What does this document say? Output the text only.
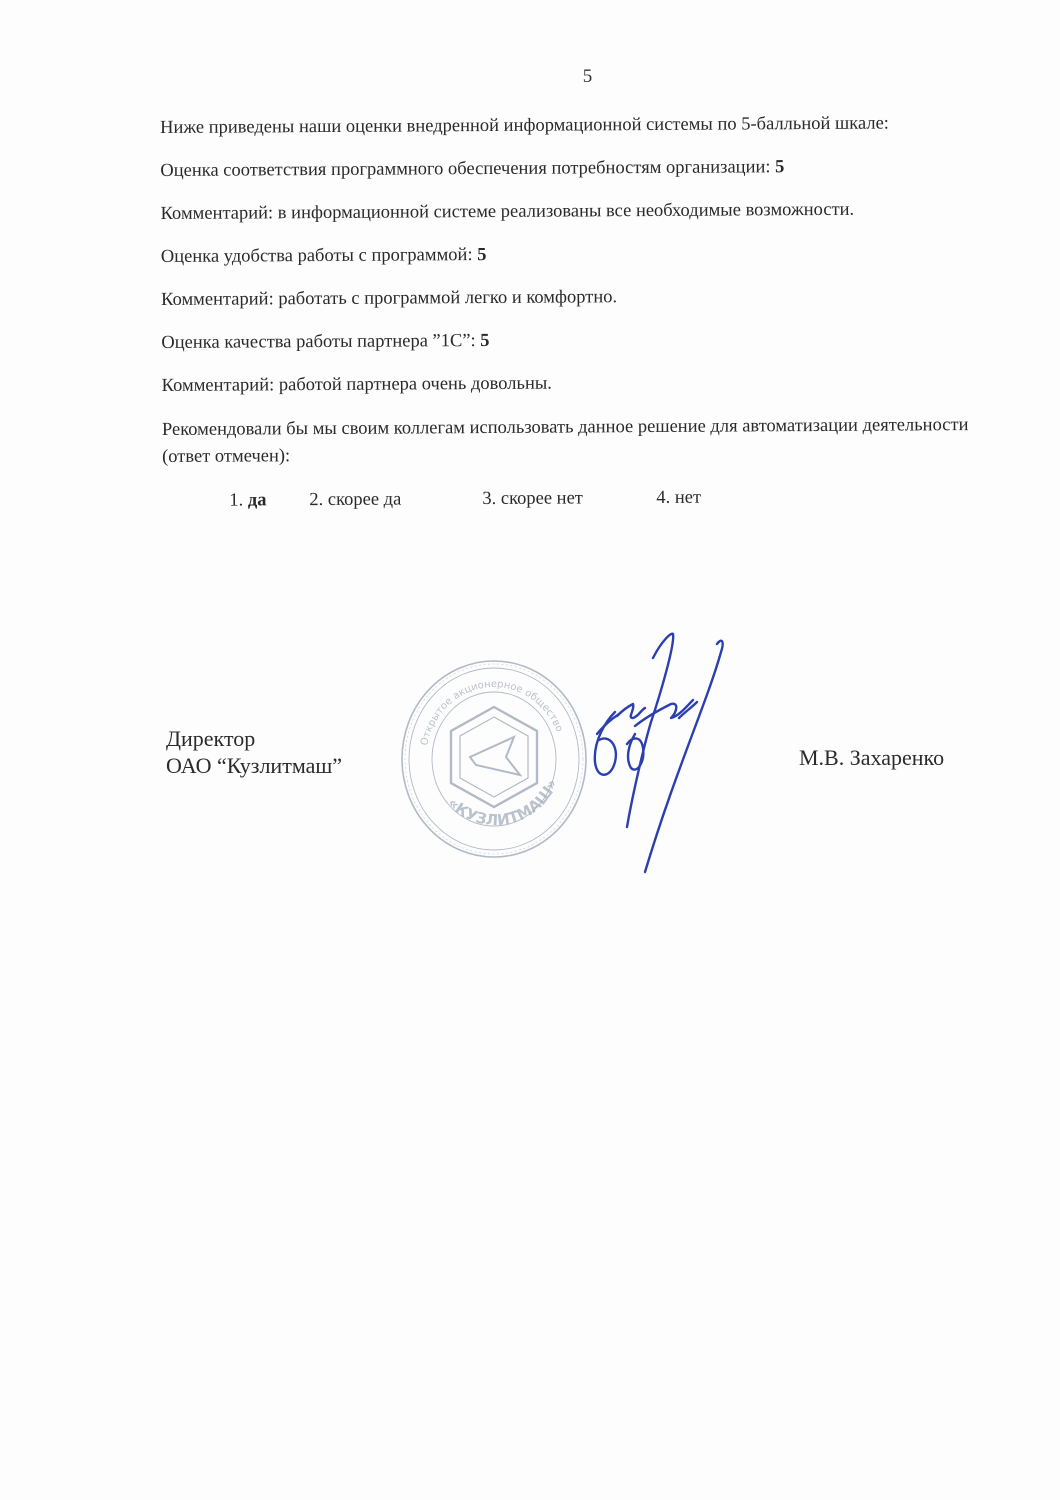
5
Ниже приведены наши оценки внедренной информационной системы по 5-балльной шкале:
Оценка соответствия программного обеспечения потребностям организации: 5
Комментарий: в информационной системе реализованы все необходимые возможности.
Оценка удобства работы с программой: 5
Комментарий: работать с программой легко и комфортно.
Оценка качества работы партнера ”1С”: 5
Комментарий: работой партнера очень довольны.
Рекомендовали бы мы своим коллегам использовать данное решение для автоматизации деятельности (ответ отмечен):
1. да 2. скорее да	3. скорее нет	4. нет
Директор
ОАО “Кузлитмаш”
Открытое акционерное общество
«КУЗЛИТМАШ»
М.В. Захаренко
